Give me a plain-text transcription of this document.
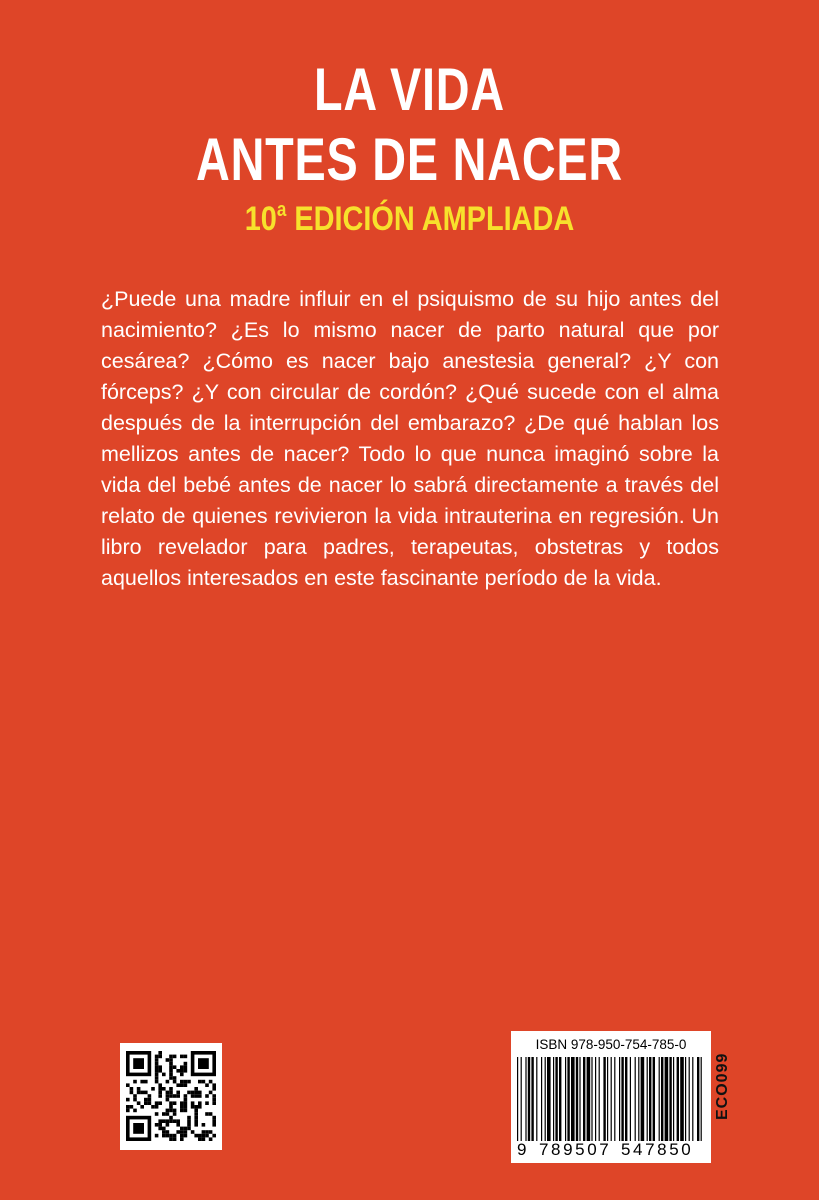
LA VIDA
ANTES DE NACER
10$^a$ EDICIÓN AMPLIADA

¿Puede una madre influir en el psiquismo de su hijo antes del nacimiento? ¿Es lo mismo nacer de parto natural que por cesárea? ¿Cómo es nacer bajo anestesia general? ¿Y con fórceps? ¿Y con circular de cordón? ¿Qué sucede con el alma después de la interrupción del embarazo? ¿De qué hablan los mellizos antes de nacer? Todo lo que nunca imaginó sobre la vida del bebé antes de nacer lo sabrá directamente a través del relato de quienes revivieron la vida intrauterina en regresión. Un libro revelador para padres, terapeutas, obstetras y todos aquellos interesados en este fascinante período de la vida.

ISBN 978-950-754-785-0
9 789507 547850
ECO099
